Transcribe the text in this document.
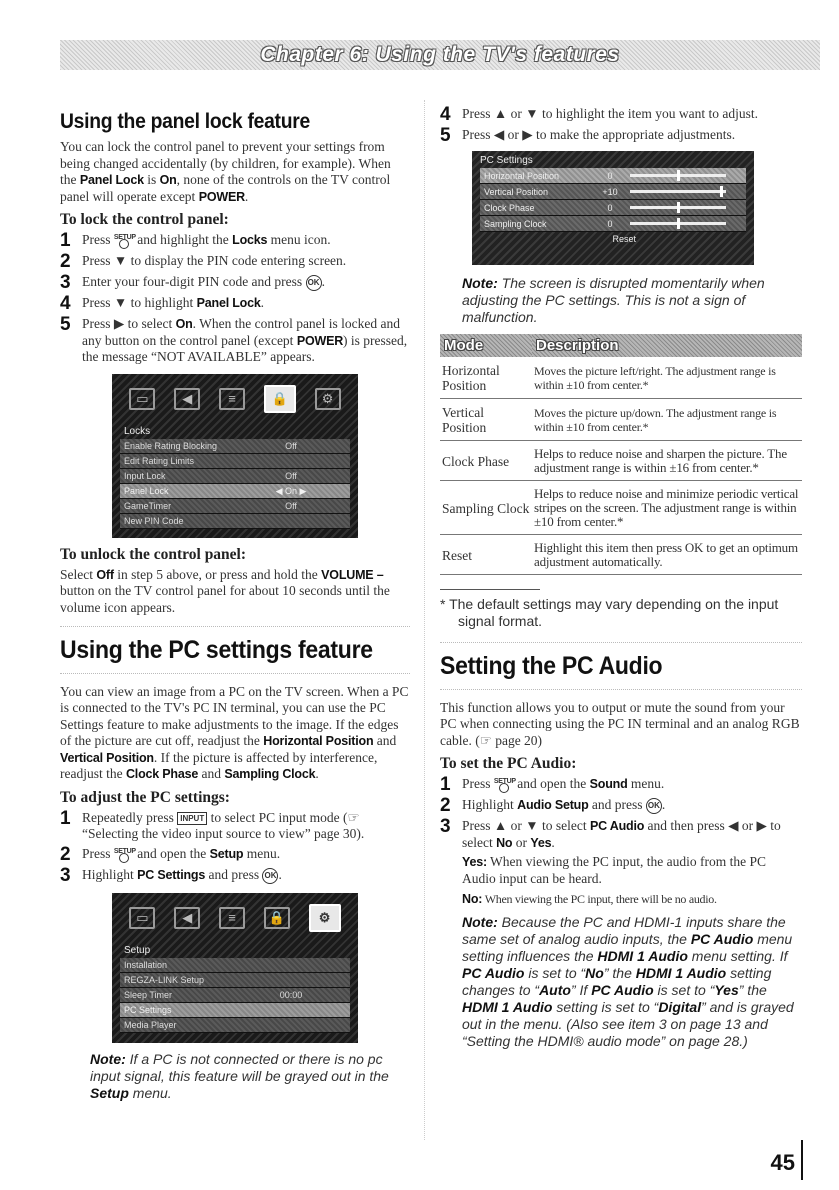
Chapter 6: Using the TV's features
Using the panel lock feature

You can lock the control panel to prevent your settings from being changed accidentally (by children, for example). When the Panel Lock is On, none of the controls on the TV control panel will operate except POWER.

To lock the control panel:
1 Press SETUP
and highlight the Locks menu icon.
2 Press ▼ to display the PIN code entering screen.
3 Enter your four-digit PIN code and press OK .
4 Press ▼ to highlight Panel Lock.
5 Press ▶ to select On. When the control panel is locked and any button on the control panel (except POWER) is pressed, the message “NOT AVAILABLE” appears.
▭	◀	≡	🔒	⚙
Locks
Enable Rating Blocking	Off
Edit Rating Limits
Input Lock	Off
Panel Lock	◀ On ▶
GameTimer	Off
New PIN Code
To unlock the control panel:

Select Off in step 5 above, or press and hold the VOLUME – button on the TV control panel for about 10 seconds until the volume icon appears.

Using the PC settings feature

You can view an image from a PC on the TV screen. When a PC is connected to the TV's PC IN terminal, you can use the PC Settings feature to make adjustments to the image. If the edges of the picture are cut off, readjust the Horizontal Position and Vertical Position. If the picture is affected by interference, readjust the Clock Phase and Sampling Clock.

To adjust the PC settings:
1 Repeatedly press INPUT to select PC input mode (☞ “Selecting the video input source to view” page 30).
2 Press SETUP
and open the Setup menu.
3 Highlight PC Settings and press OK .
▭	◀	≡	🔒	⚙
Setup
Installation
REGZA-LINK Setup
Sleep Timer	00:00
PC Settings
Media Player

Note: If a PC is not connected or there is no pc input signal, this feature will be grayed out in the Setup menu.

4 Press ▲ or ▼ to highlight the item you want to adjust.
5 Press ◀ or ▶ to make the appropriate adjustments.
PC Settings
Horizontal Position	0
Vertical Position	+10
Clock Phase	0
Sampling Clock	0
Reset

Note: The screen is disrupted momentarily when adjusting the PC settings. This is not a sign of malfunction.

Mode	Description
Horizontal Position	Moves the picture left/right. The adjustment range is within ±10 from center.*
Vertical Position	Moves the picture up/down. The adjustment range is within ±10 from center.*
Clock Phase	Helps to reduce noise and sharpen the picture. The adjustment range is within ±16 from center.*
Sampling Clock	Helps to reduce noise and minimize periodic vertical stripes on the screen. The adjustment range is within ±10 from center.*
Reset	Highlight this item then press OK to get an optimum adjustment automatically.

* The default settings may vary depending on the input signal format.

Setting the PC Audio

This function allows you to output or mute the sound from your PC when connecting using the PC IN terminal and an analog RGB cable. (☞ page 20)

To set the PC Audio:
1 Press SETUP
and open the Sound menu.
2 Highlight Audio Setup and press OK .
3 Press ▲ or ▼ to select PC Audio and then press ◀ or ▶ to select No or Yes.

Yes: When viewing the PC input, the audio from the PC Audio input can be heard.

No: When viewing the PC input, there will be no audio.

Note: Because the PC and HDMI-1 inputs share the same set of analog audio inputs, the PC Audio menu setting influences the HDMI 1 Audio menu setting. If PC Audio is set to “No” the HDMI 1 Audio setting changes to “Auto” If PC Audio is set to “Yes” the HDMI 1 Audio setting is set to “Digital” and is grayed out in the menu. (Also see item 3 on page 13 and “Setting the HDMI® audio mode” on page 28.)

45
